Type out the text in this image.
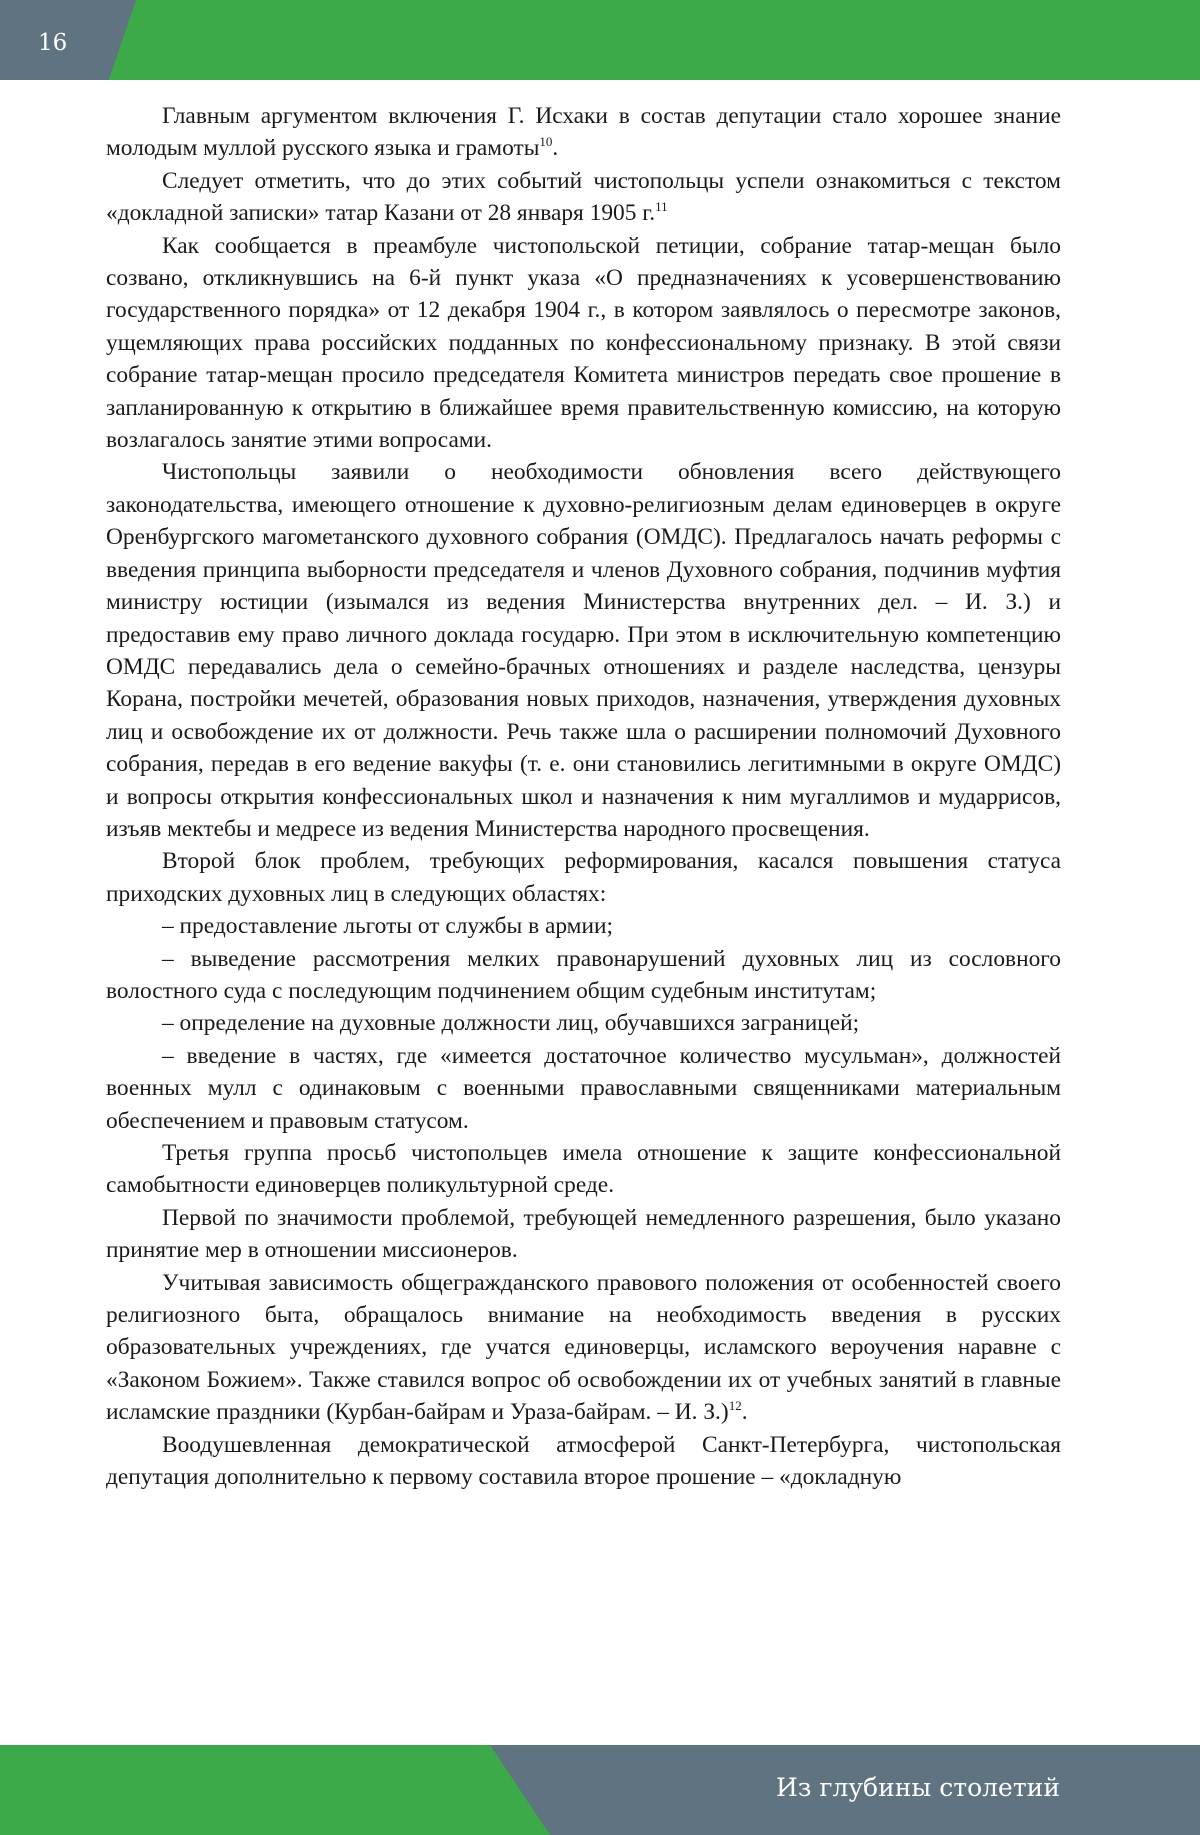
16

Главным аргументом включения Г. Исхаки в состав депутации стало хорошее знание молодым муллой русского языка и грамоты$^{10}$.

Следует отметить, что до этих событий чистопольцы успели ознакомиться с текстом «докладной записки» татар Казани от 28 января 1905 г.$^{11}$

Как сообщается в преамбуле чистопольской петиции, собрание татар-мещан было созвано, откликнувшись на 6-й пункт указа «О предназначениях к усовершенствованию государственного порядка» от 12 декабря 1904 г., в котором заявлялось о пересмотре законов, ущемляющих права российских подданных по конфессиональному признаку. В этой связи собрание татар-мещан просило председателя Комитета министров передать свое прошение в запланированную к открытию в ближайшее время правительственную комиссию, на которую возлагалось занятие этими вопросами.

Чистопольцы заявили о необходимости обновления всего действующего законодательства, имеющего отношение к духовно-религиозным делам единоверцев в округе Оренбургского магометанского духовного собрания (ОМДС). Предлагалось начать реформы с введения принципа выборности председателя и членов Духовного собрания, подчинив муфтия министру юстиции (изымался из ведения Министерства внутренних дел. – И. З.) и предоставив ему право личного доклада государю. При этом в исключительную компетенцию ОМДС передавались дела о семейно-брачных отношениях и разделе наследства, цензуры Корана, постройки мечетей, образования новых приходов, назначения, утверждения духовных лиц и освобождение их от должности. Речь также шла о расширении полномочий Духовного собрания, передав в его ведение вакуфы (т. е. они становились легитимными в округе ОМДС) и вопросы открытия конфессиональных школ и назначения к ним мугаллимов и мударрисов, изъяв мектебы и медресе из ведения Министерства народного просвещения.

Второй блок проблем, требующих реформирования, касался повышения статуса приходских духовных лиц в следующих областях:

– предоставление льготы от службы в армии;

– выведение рассмотрения мелких правонарушений духовных лиц из сословного волостного суда с последующим подчинением общим судебным институтам;

– определение на духовные должности лиц, обучавшихся заграницей;

– введение в частях, где «имеется достаточное количество мусульман», должностей военных мулл с одинаковым с военными православными священниками материальным обеспечением и правовым статусом.

Третья группа просьб чистопольцев имела отношение к защите конфессиональной самобытности единоверцев поликультурной среде.

Первой по значимости проблемой, требующей немедленного разрешения, было указано принятие мер в отношении миссионеров.

Учитывая зависимость общегражданского правового положения от особенностей своего религиозного быта, обращалось внимание на необходимость введения в русских образовательных учреждениях, где учатся единоверцы, исламского вероучения наравне с «Законом Божием». Также ставился вопрос об освобождении их от учебных занятий в главные исламские праздники (Курбан-байрам и Ураза-байрам. – И. З.)$^{12}$.

Воодушевленная демократической атмосферой Санкт-Петербурга, чистопольская депутация дополнительно к первому составила второе прошение – «докладную

Из глубины столетий
